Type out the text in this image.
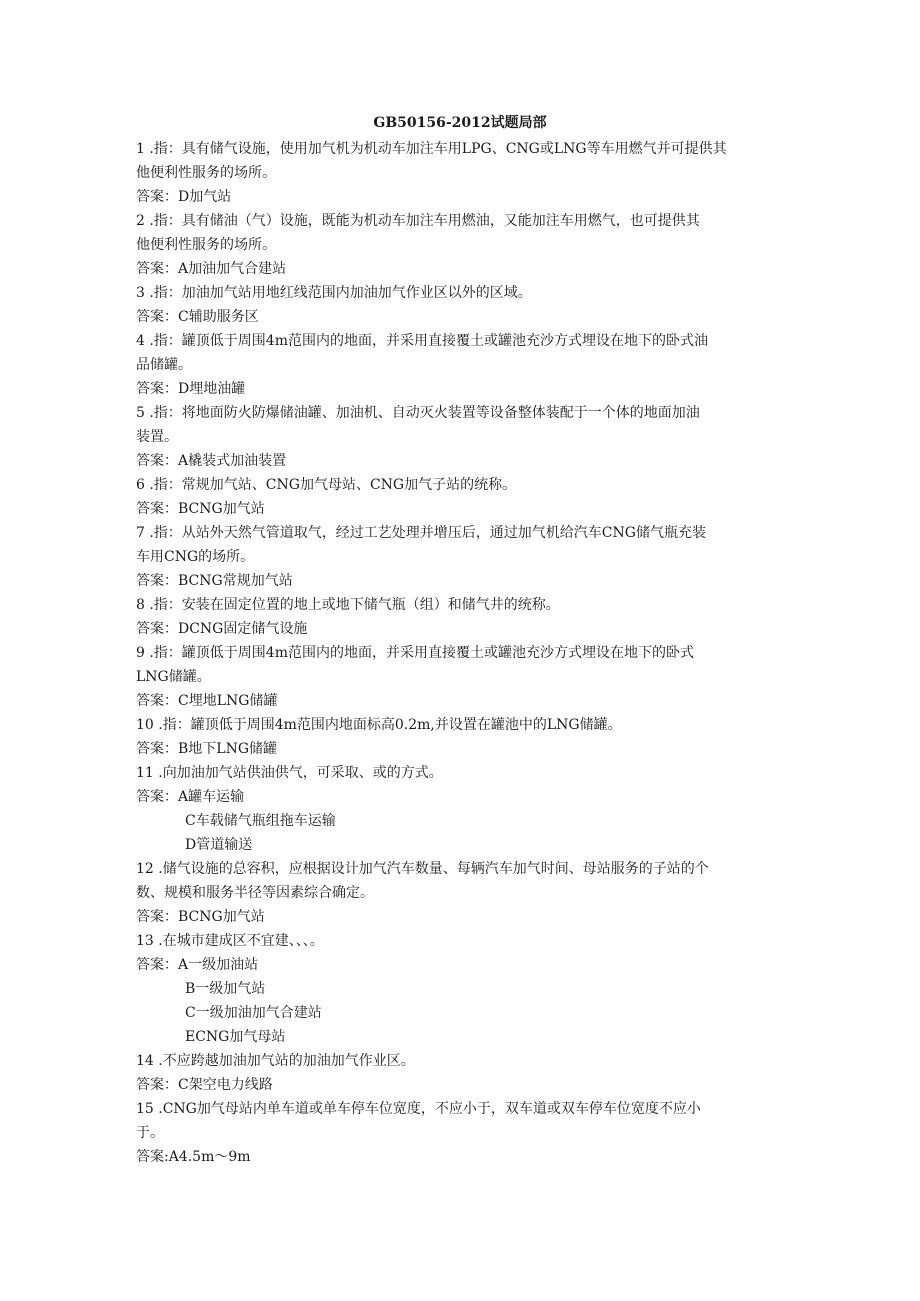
GB50156-2012试题局部
1 .指：具有储气设施，使用加气机为机动车加注车用LPG、CNG或LNG等车用燃气并可提供其
他便利性服务的场所。
答案：D加气站
2 .指：具有储油（气）设施，既能为机动车加注车用燃油，又能加注车用燃气，也可提供其
他便利性服务的场所。
答案：A加油加气合建站
3 .指：加油加气站用地红线范围内加油加气作业区以外的区域。
答案：C辅助服务区
4 .指：罐顶低于周围4m范围内的地面，并采用直接覆土或罐池充沙方式埋设在地下的卧式油
品储罐。
答案：D埋地油罐
5 .指：将地面防火防爆储油罐、加油机、自动灭火装置等设备整体装配于一个体的地面加油
装置。
答案：A橇装式加油装置
6 .指：常规加气站、CNG加气母站、CNG加气子站的统称。
答案：BCNG加气站
7 .指：从站外天然气管道取气，经过工艺处理并增压后，通过加气机给汽车CNG储气瓶充装
车用CNG的场所。
答案：BCNG常规加气站
8 .指：安装在固定位置的地上或地下储气瓶（组）和储气井的统称。
答案：DCNG固定储气设施
9 .指：罐顶低于周围4m范围内的地面，并采用直接覆土或罐池充沙方式埋设在地下的卧式
LNG储罐。
答案：C埋地LNG储罐
10 .指：罐顶低于周围4m范围内地面标高0.2m,并设置在罐池中的LNG储罐。
答案：B地下LNG储罐
11 .向加油加气站供油供气，可采取、或的方式。
答案：A罐车运输
C车载储气瓶组拖车运输
D管道输送
12 .储气设施的总容积，应根据设计加气汽车数量、每辆汽车加气时间、母站服务的子站的个
数、规模和服务半径等因素综合确定。
答案：BCNG加气站
13 .在城市建成区不宜建、、、。
答案：A一级加油站
B一级加气站
C一级加油加气合建站
ECNG加气母站
14 .不应跨越加油加气站的加油加气作业区。
答案：C架空电力线路
15 .CNG加气母站内单车道或单车停车位宽度，不应小于，双车道或双车停车位宽度不应小
于。
答案:A4.5m～9m
